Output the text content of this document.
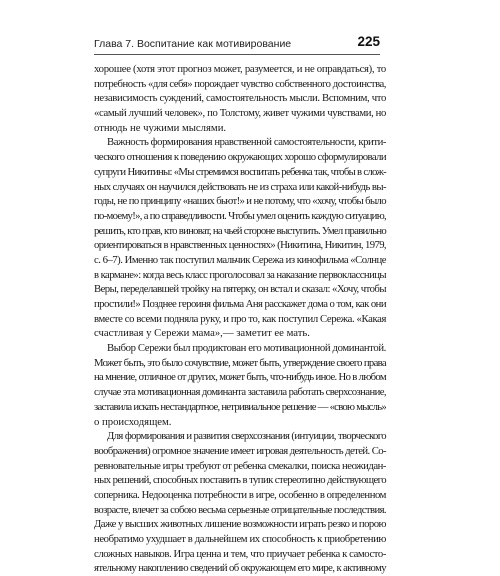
Глава 7. Воспитание как мотивирование	225

хорошее (хотя этот прогноз может, разумеется, и не оправдаться), то

потребность «для себя» порождает чувство собственного достоинства,

независимость суждений, самостоятельность мысли. Вспомним, что

«самый лучший человек», по Толстому, живет чужими чувствами, но

отнюдь не чужими мыслями.

Важность формирования нравственной самостоятельности, крити-

ческого отношения к поведению окружающих хорошо сформулировали

супруги Никитины: «Мы стремимся воспитать ребенка так, чтобы в слож-

ных случаях он научился действовать не из страха или какой-нибудь вы-

годы, не по принципу «наших бьют!» и не потому, что «хочу, чтобы было

по-моему!», а по справедливости. Чтобы умел оценить каждую ситуацию,

решить, кто прав, кто виноват, на чьей стороне выступить. Умел правильно

ориентироваться в нравственных ценностях» (Никитина, Никитин, 1979,

с. 6–7). Именно так поступил мальчик Сережа из кинофильма «Солнце

в кармане»: когда весь класс проголосовал за наказание первоклассницы

Веры, переделавшей тройку на пятерку, он встал и сказал: «Хочу, чтобы

простили!» Позднее героиня фильма Аня расскажет дома о том, как они

вместе со всеми подняла руку, и про то, как поступил Сережа. «Какая

счастливая у Сережи мама»,— заметит ее мать.

Выбор Сережи был продиктован его мотивационной доминантой.

Может быть, это было сочувствие, может быть, утверждение своего права

на мнение, отличное от других, может быть, что-нибудь иное. Но в любом

случае эта мотивационная доминанта заставила работать сверхсознание,

заставила искать нестандартное, нетривиальное решение — «свою мысль»

о происходящем.

Для формирования и развития сверхсознания (интуиции, творческого

воображения) огромное значение имеет игровая деятельность детей. Со-

ревновательные игры требуют от ребенка смекалки, поиска неожидан-

ных решений, способных поставить в тупик стереотипно действующего

соперника. Недооценка потребности в игре, особенно в определенном

возрасте, влечет за собою весьма серьезные отрицательные последствия.

Даже у высших животных лишение возможности играть резко и порою

необратимо ухудшает в дальнейшем их способность к приобретению

сложных навыков. Игра ценна и тем, что приучает ребенка к самосто-

ятельному накоплению сведений об окружающем его мире, к активному
